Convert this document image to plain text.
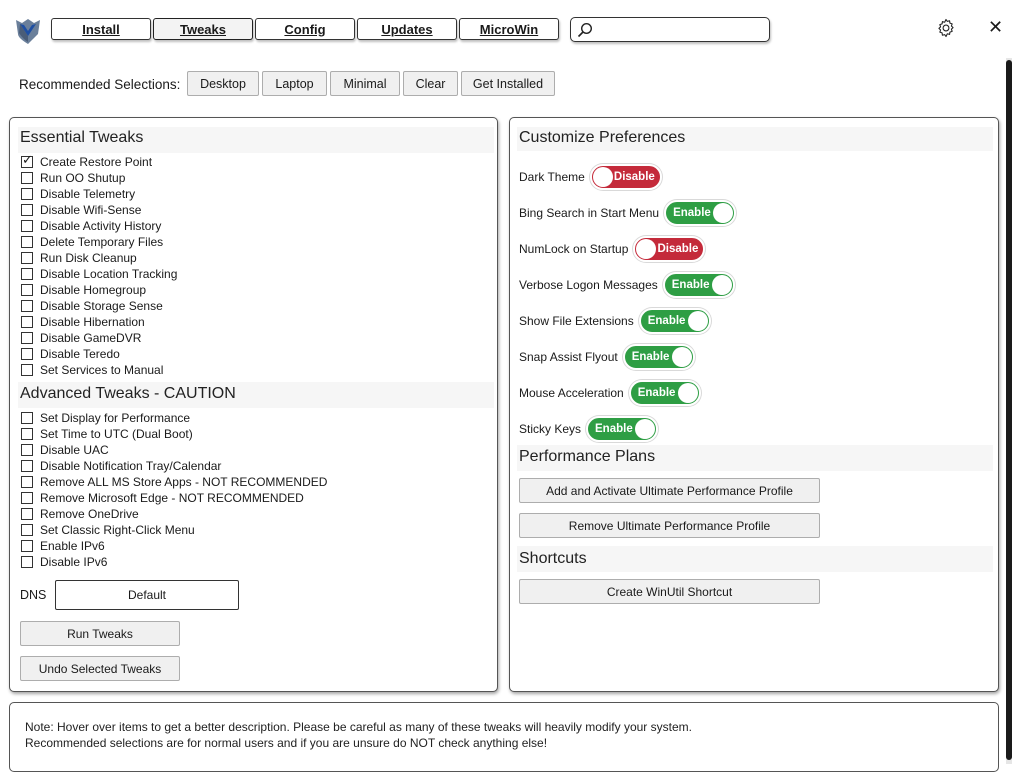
Install	Tweaks	Config	Updates	MicroWin	✕
Recommended Selections:	Desktop	Laptop	Minimal	Clear	Get Installed
Essential Tweaks
✓
Create Restore Point
Run OO Shutup
Disable Telemetry
Disable Wifi-Sense
Disable Activity History
Delete Temporary Files
Run Disk Cleanup
Disable Location Tracking
Disable Homegroup
Disable Storage Sense
Disable Hibernation
Disable GameDVR
Disable Teredo
Set Services to Manual
Advanced Tweaks - CAUTION
Set Display for Performance
Set Time to UTC (Dual Boot)
Disable UAC
Disable Notification Tray/Calendar
Remove ALL MS Store Apps - NOT RECOMMENDED
Remove Microsoft Edge - NOT RECOMMENDED
Remove OneDrive
Set Classic Right-Click Menu
Enable IPv6
Disable IPv6
DNS	Default
Run Tweaks
Undo Selected Tweaks
Customize Preferences
Dark Theme	Disable
Bing Search in Start Menu Enable
NumLock on Startup	Disable
Verbose Logon Messages Enable
Show File Extensions Enable
Snap Assist Flyout Enable
Mouse Acceleration Enable
Sticky Keys Enable
Performance Plans
Add and Activate Ultimate Performance Profile
Remove Ultimate Performance Profile
Shortcuts
Create WinUtil Shortcut
Note: Hover over items to get a better description. Please be careful as many of these tweaks will heavily modify your system.
Recommended selections are for normal users and if you are unsure do NOT check anything else!
